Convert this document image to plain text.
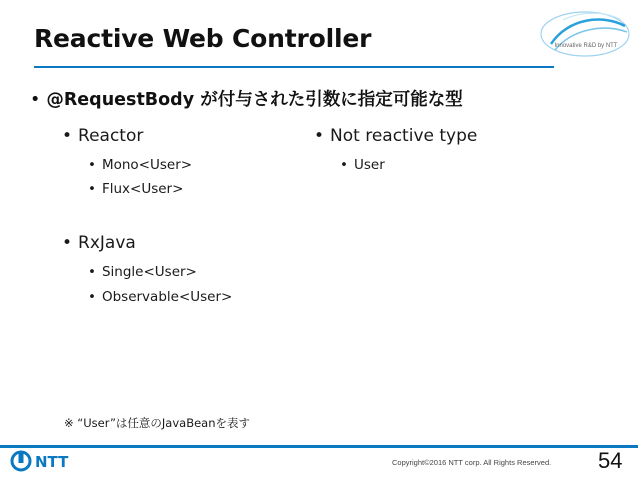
Reactive Web Controller	Innovative R&D by NTT
• @RequestBody が付与された引数に指定可能な型
• Reactor
• Mono<User>
• Flux<User>
• RxJava
• Single<User>
• Observable<User>
• Not reactive type
• User
※ “User”は任意のJavaBeanを表す
NTT	Copyright©2016 NTT corp. All Rights Reserved. 54
